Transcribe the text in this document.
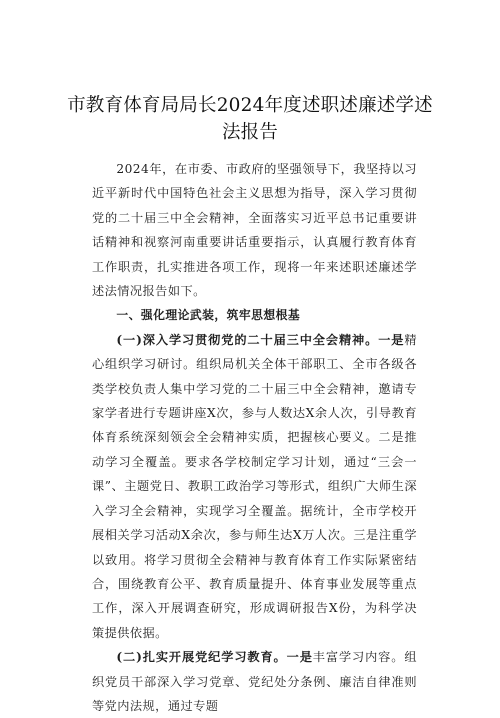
市教育体育局局长2024年度述职述廉述学述法报告

2024年，在市委、市政府的坚强领导下，我坚持以习近平新时代中国特色社会主义思想为指导，深入学习贯彻党的二十届三中全会精神，全面落实习近平总书记重要讲话精神和视察河南重要讲话重要指示，认真履行教育体育工作职责，扎实推进各项工作，现将一年来述职述廉述学述法情况报告如下。

一、强化理论武装，筑牢思想根基

(一)深入学习贯彻党的二十届三中全会精神。一是精心组织学习研讨。组织局机关全体干部职工、全市各级各类学校负责人集中学习党的二十届三中全会精神，邀请专家学者进行专题讲座X次，参与人数达X余人次，引导教育体育系统深刻领会全会精神实质，把握核心要义。二是推动学习全覆盖。要求各学校制定学习计划，通过“三会一课”、主题党日、教职工政治学习等形式，组织广大师生深入学习全会精神，实现学习全覆盖。据统计，全市学校开展相关学习活动X余次，参与师生达X万人次。三是注重学以致用。将学习贯彻全会精神与教育体育工作实际紧密结合，围绕教育公平、教育质量提升、体育事业发展等重点工作，深入开展调查研究，形成调研报告X份，为科学决策提供依据。

(二)扎实开展党纪学习教育。一是丰富学习内容。组织党员干部深入学习党章、党纪处分条例、廉洁自律准则等党内法规，通过专题
